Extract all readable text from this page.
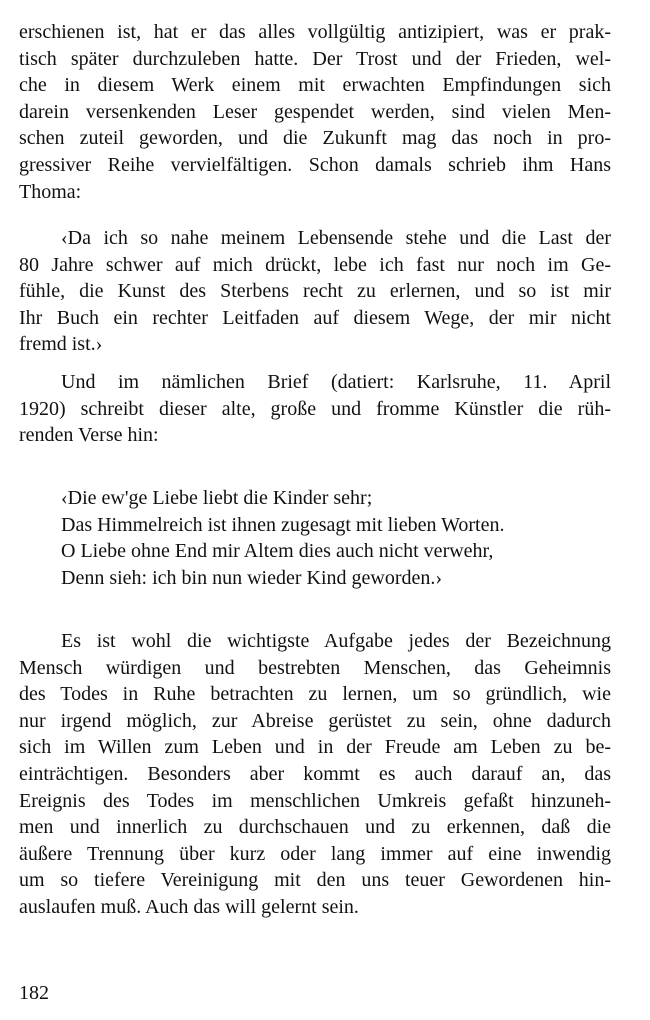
erschienen ist, hat er das alles vollgültig antizipiert, was er prak-
tisch später durchzuleben hatte. Der Trost und der Frieden, wel-
che in diesem Werk einem mit erwachten Empfindungen sich
darein versenkenden Leser gespendet werden, sind vielen Men-
schen zuteil geworden, und die Zukunft mag das noch in pro-
gressiver Reihe vervielfältigen. Schon damals schrieb ihm Hans
Thoma:
‹Da ich so nahe meinem Lebensende stehe und die Last der
80 Jahre schwer auf mich drückt, lebe ich fast nur noch im Ge-
fühle, die Kunst des Sterbens recht zu erlernen, und so ist mir
Ihr Buch ein rechter Leitfaden auf diesem Wege, der mir nicht
fremd ist.›
Und im nämlichen Brief (datiert: Karlsruhe, 11. April
1920) schreibt dieser alte, große und fromme Künstler die rüh-
renden Verse hin:
‹Die ew'ge Liebe liebt die Kinder sehr;
Das Himmelreich ist ihnen zugesagt mit lieben Worten.
O Liebe ohne End mir Altem dies auch nicht verwehr,
Denn sieh: ich bin nun wieder Kind geworden.›
Es ist wohl die wichtigste Aufgabe jedes der Bezeichnung
Mensch würdigen und bestrebten Menschen, das Geheimnis
des Todes in Ruhe betrachten zu lernen, um so gründlich, wie
nur irgend möglich, zur Abreise gerüstet zu sein, ohne dadurch
sich im Willen zum Leben und in der Freude am Leben zu be-
einträchtigen. Besonders aber kommt es auch darauf an, das
Ereignis des Todes im menschlichen Umkreis gefaßt hinzuneh-
men und innerlich zu durchschauen und zu erkennen, daß die
äußere Trennung über kurz oder lang immer auf eine inwendig
um so tiefere Vereinigung mit den uns teuer Gewordenen hin-
auslaufen muß. Auch das will gelernt sein.
182
